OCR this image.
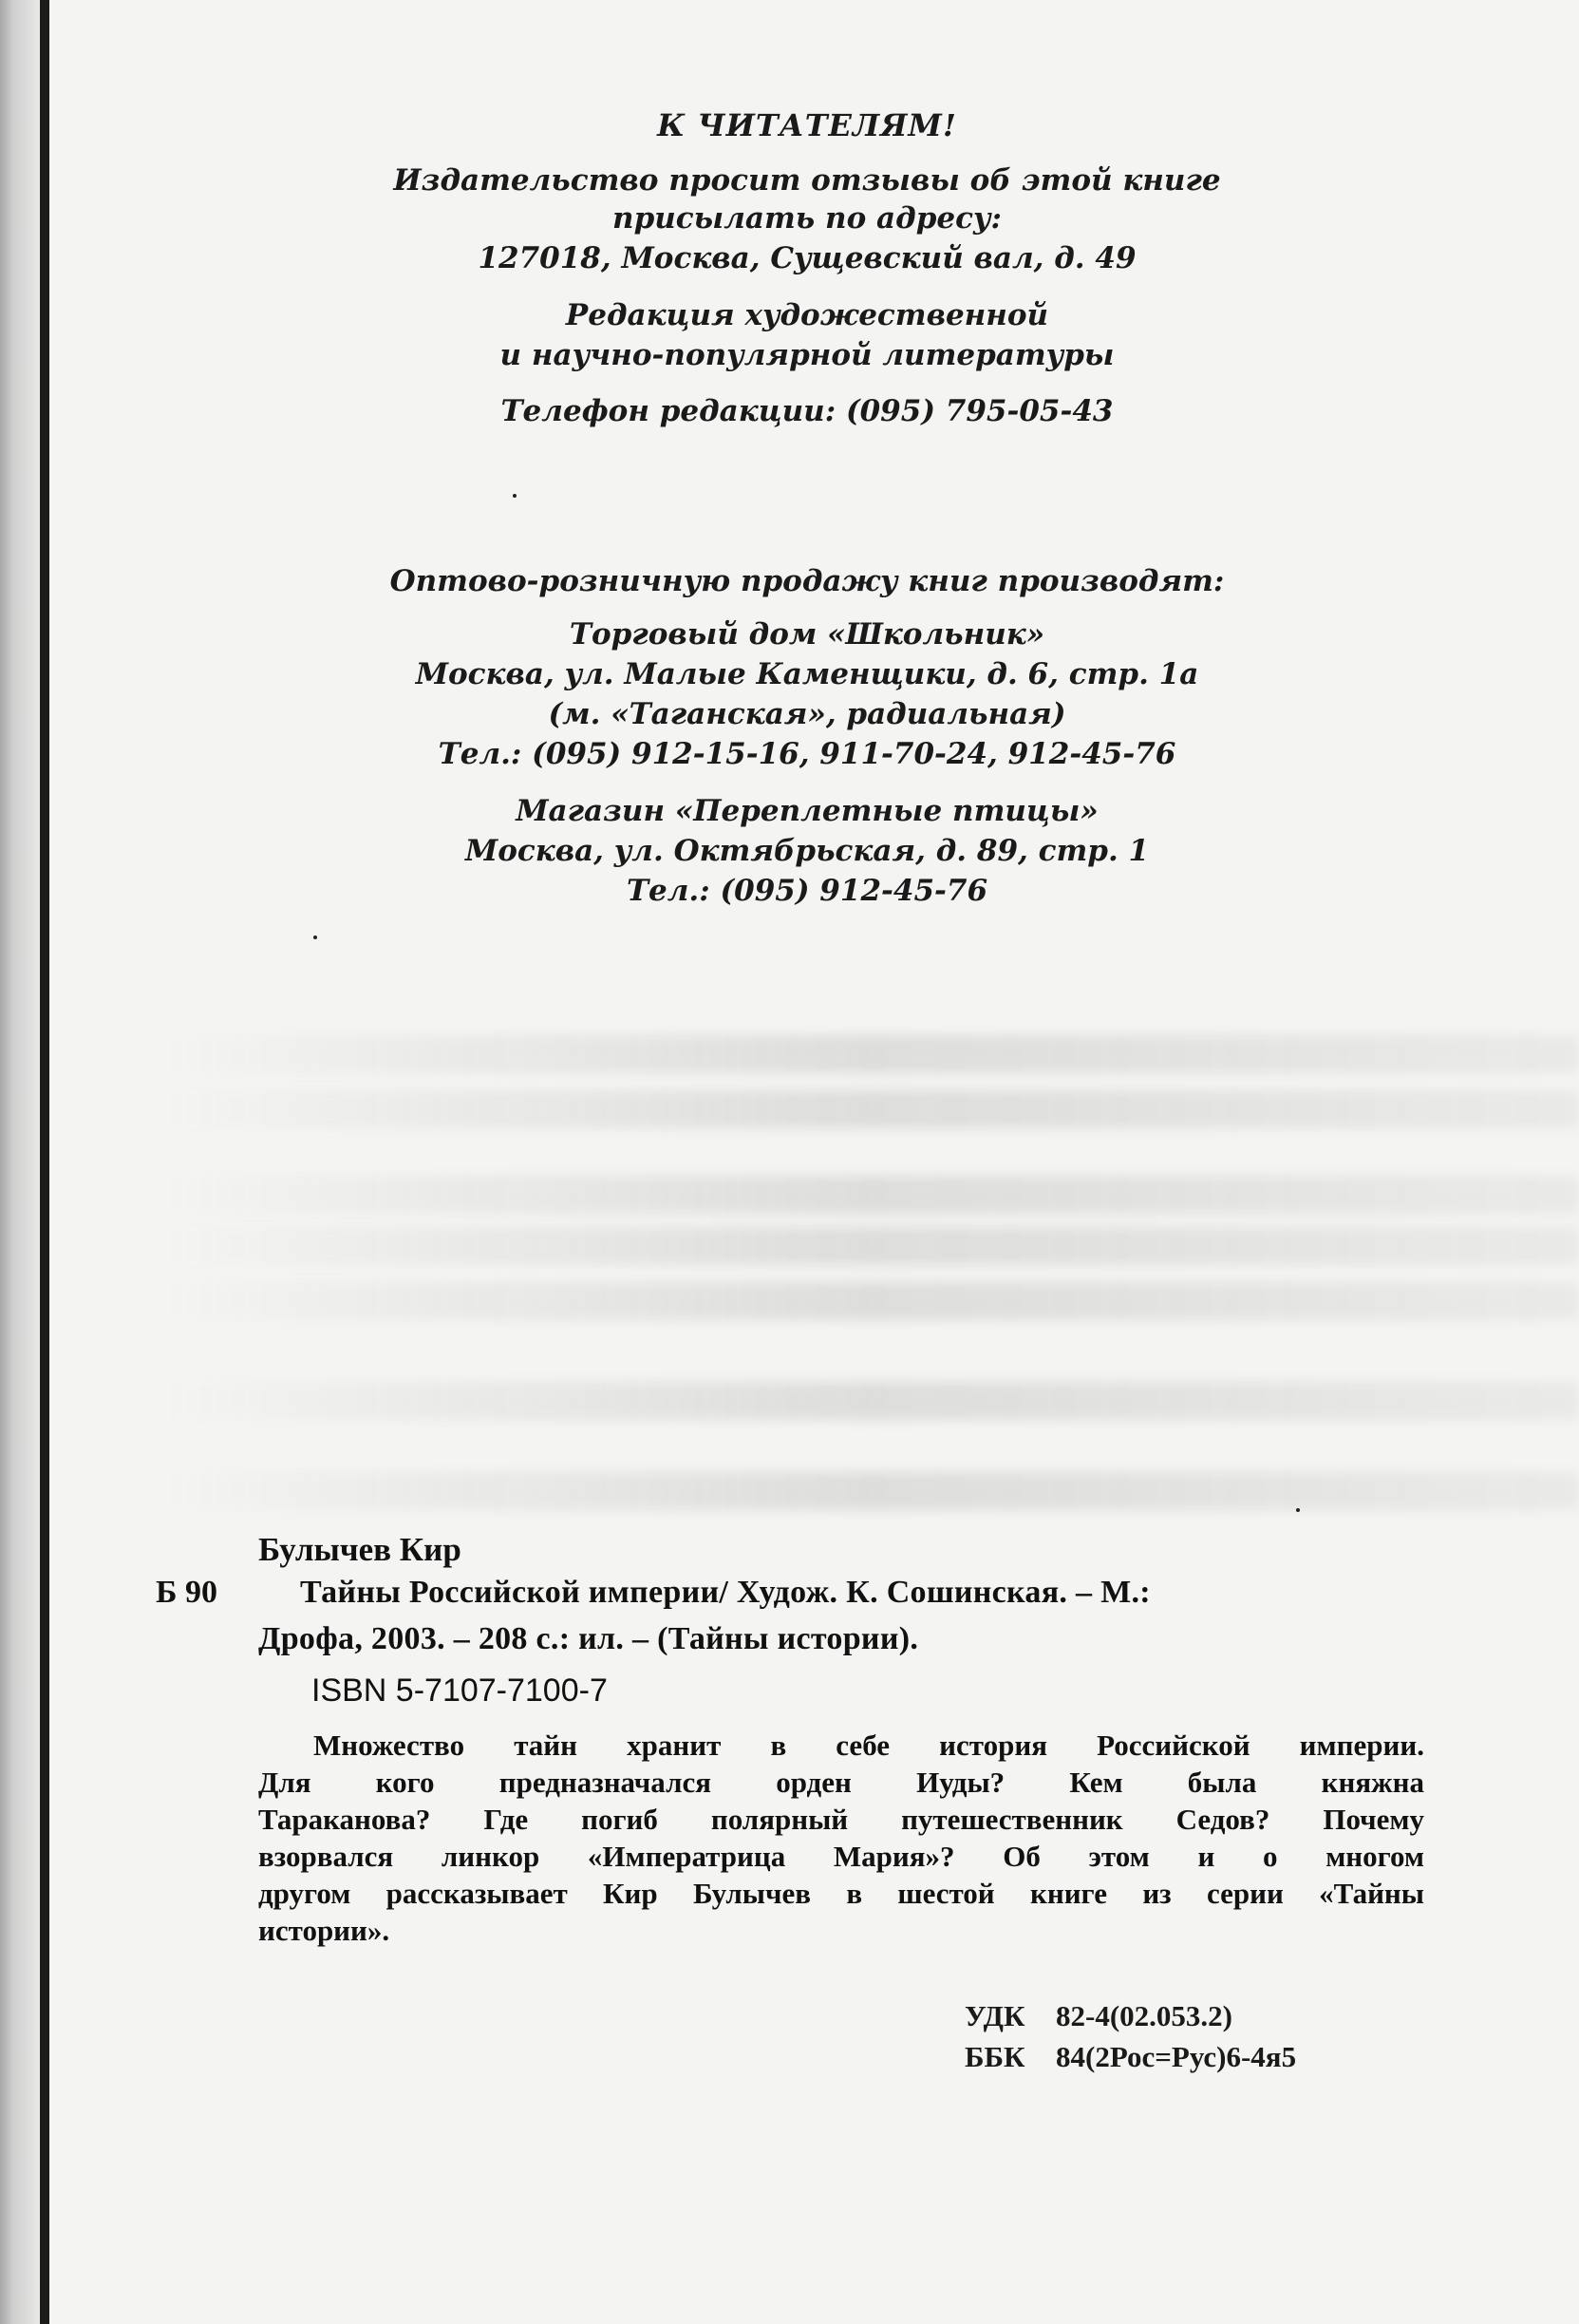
К ЧИТАТЕЛЯМ!
Издательство просит отзывы об этой книге
присылать по адресу:
127018, Москва, Сущевский вал, д. 49
Редакция художественной
и научно-популярной литературы
Телефон редакции: (095) 795-05-43
Оптово-розничную продажу книг производят:
Торговый дом «Школьник»
Москва, ул. Малые Каменщики, д. 6, стр. 1а
(м. «Таганская», радиальная)
Тел.: (095) 912-15-16, 911-70-24, 912-45-76
Магазин «Переплетные птицы»
Москва, ул. Октябрьская, д. 89, стр. 1
Тел.: (095) 912-45-76
Булычев Кир
Б 90	Тайны Российской империи/ Худож. К. Сошинская. – М.:
Дрофа, 2003. – 208 с.: ил. – (Тайны истории).
ISBN 5-7107-7100-7
Множество тайн хранит в себе история Российской империи.
Для кого предназначался орден Иуды? Кем была княжна
Тараканова? Где погиб полярный путешественник Седов? Почему
взорвался линкор «Императрица Мария»? Об этом и о многом
другом рассказывает Кир Булычев в шестой книге из серии «Тайны
истории».
УДК 82-4(02.053.2)
ББК 84(2Рос=Рус)6-4я5
